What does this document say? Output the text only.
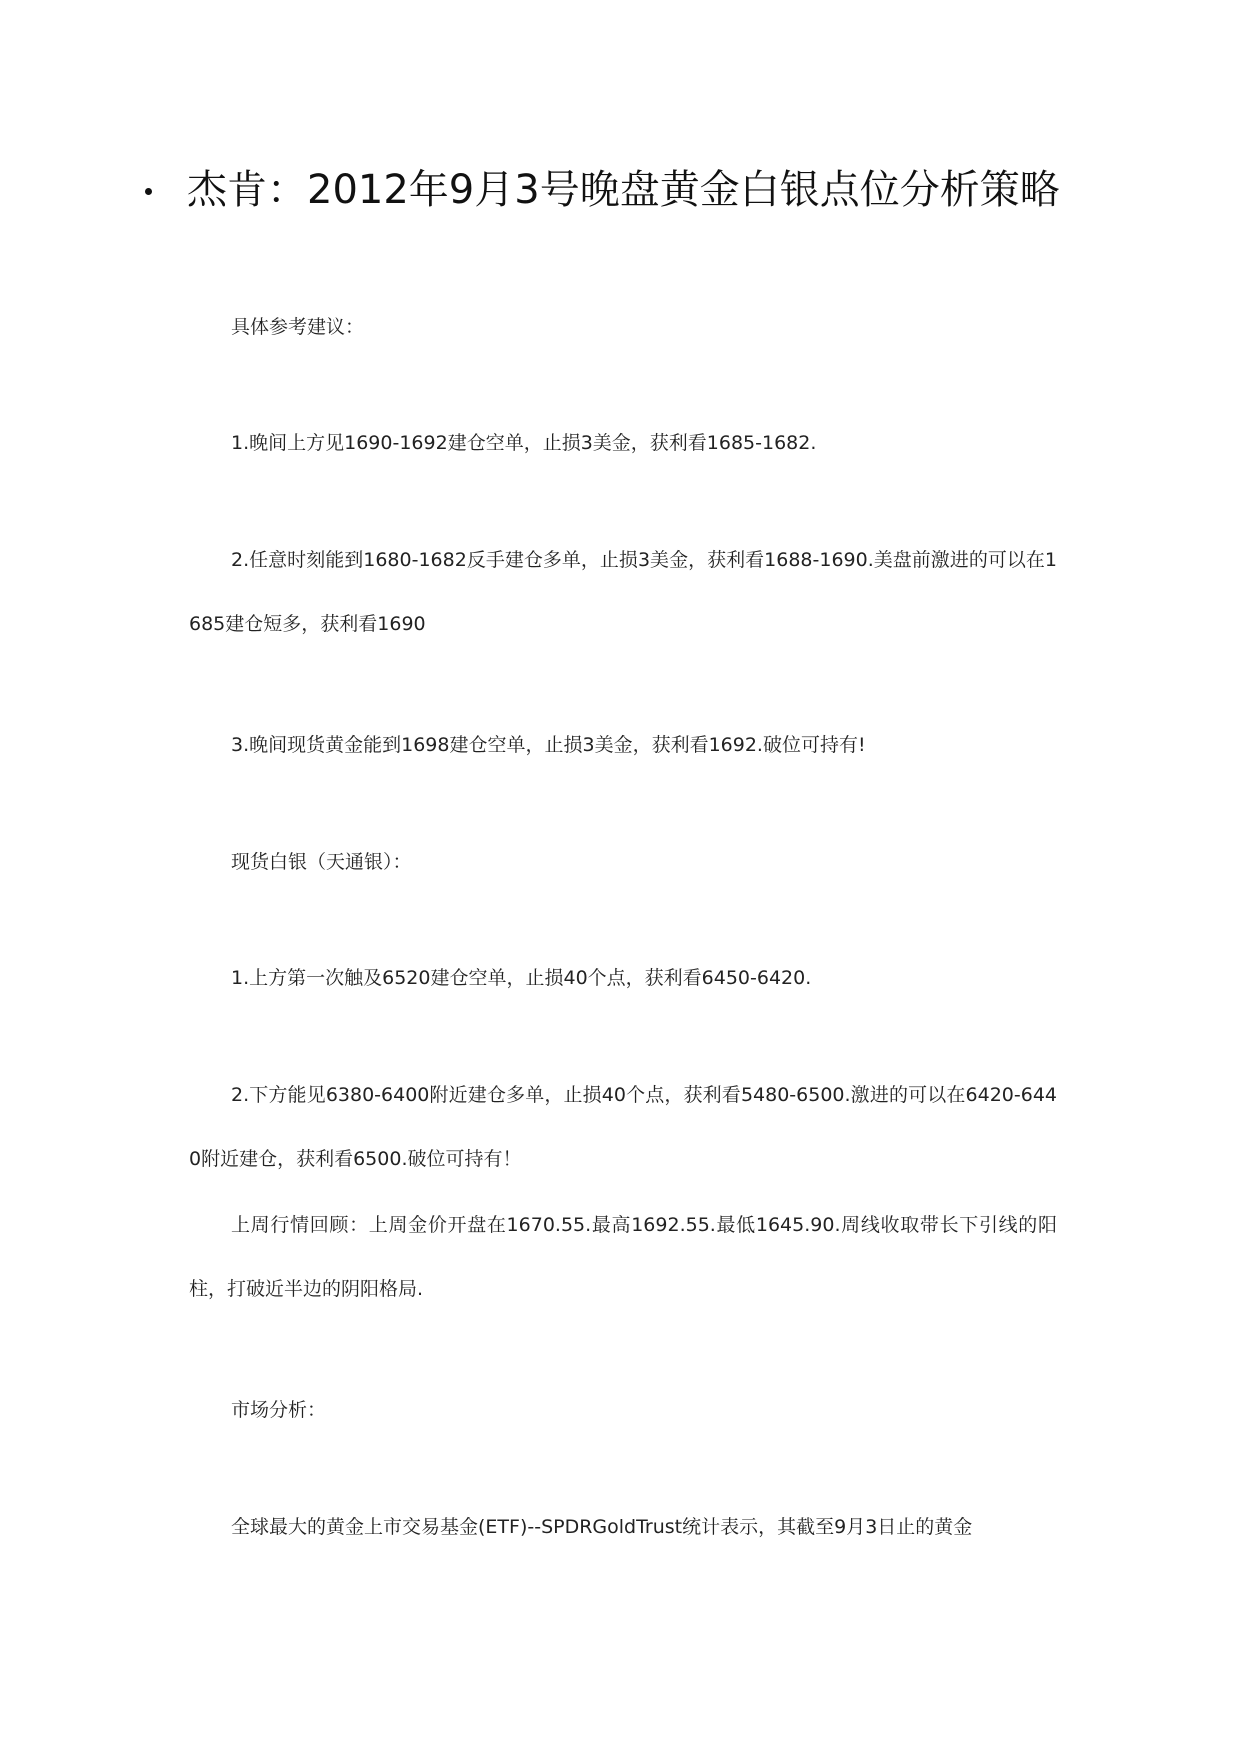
杰肯：2012年9月3号晚盘黄金白银点位分析策略

具体参考建议：

1.晚间上方见1690-1692建仓空单，止损3美金，获利看1685-1682.

2.任意时刻能到1680-1682反手建仓多单，止损3美金，获利看1688-1690.美盘前激进的可以在1685建仓短多，获利看1690

3.晚间现货黄金能到1698建仓空单，止损3美金，获利看1692.破位可持有!

现货白银（天通银）：

1.上方第一次触及6520建仓空单，止损40个点，获利看6450-6420.

2.下方能见6380-6400附近建仓多单，止损40个点，获利看5480-6500.激进的可以在6420-6440附近建仓，获利看6500.破位可持有！

上周行情回顾：上周金价开盘在1670.55.最高1692.55.最低1645.90.周线收取带长下引线的阳柱，打破近半边的阴阳格局.

市场分析：

全球最大的黄金上市交易基金(ETF)--SPDRGoldTrust统计表示，其截至9月3日止的黄金
